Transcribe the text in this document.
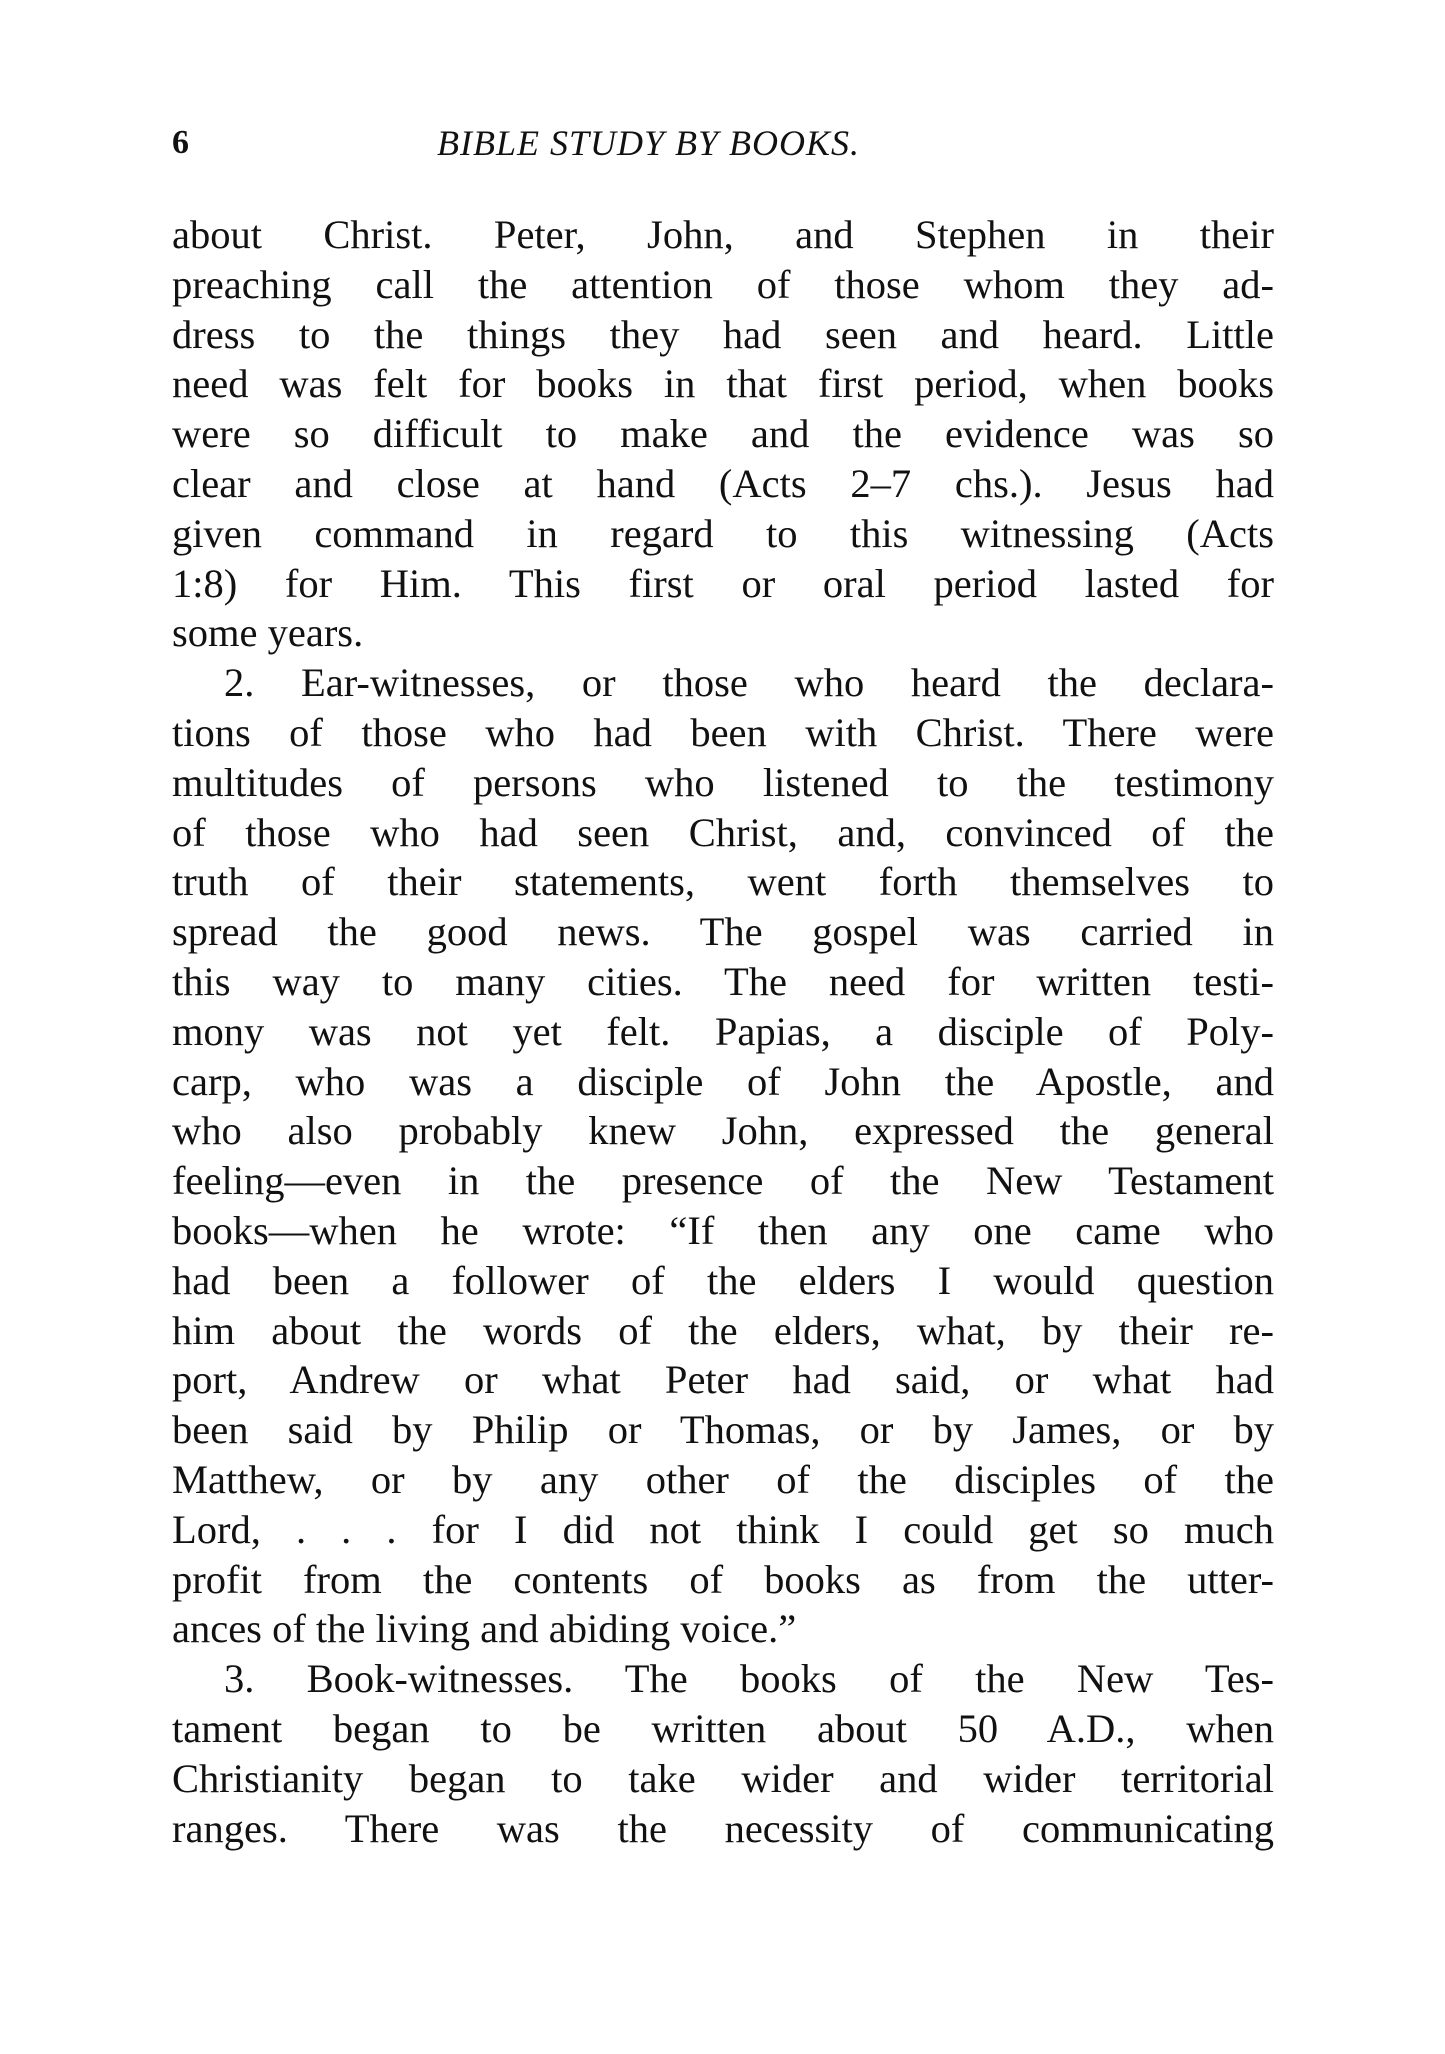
6	BIBLE STUDY BY BOOKS.
about Christ. Peter, John, and Stephen in their
preaching call the attention of those whom they ad-
dress to the things they had seen and heard. Little
need was felt for books in that first period, when books
were so difficult to make and the evidence was so
clear and close at hand (Acts 2–7 chs.). Jesus had
given command in regard to this witnessing (Acts
1:8) for Him. This first or oral period lasted for
some years.
2. Ear-witnesses, or those who heard the declara-
tions of those who had been with Christ. There were
multitudes of persons who listened to the testimony
of those who had seen Christ, and, convinced of the
truth of their statements, went forth themselves to
spread the good news. The gospel was carried in
this way to many cities. The need for written testi-
mony was not yet felt. Papias, a disciple of Poly-
carp, who was a disciple of John the Apostle, and
who also probably knew John, expressed the general
feeling—even in the presence of the New Testament
books—when he wrote: “If then any one came who
had been a follower of the elders I would question
him about the words of the elders, what, by their re-
port, Andrew or what Peter had said, or what had
been said by Philip or Thomas, or by James, or by
Matthew, or by any other of the disciples of the
Lord, . . . for I did not think I could get so much
profit from the contents of books as from the utter-
ances of the living and abiding voice.”
3. Book-witnesses. The books of the New Tes-
tament began to be written about 50 A.D., when
Christianity began to take wider and wider territorial
ranges. There was the necessity of communicating
